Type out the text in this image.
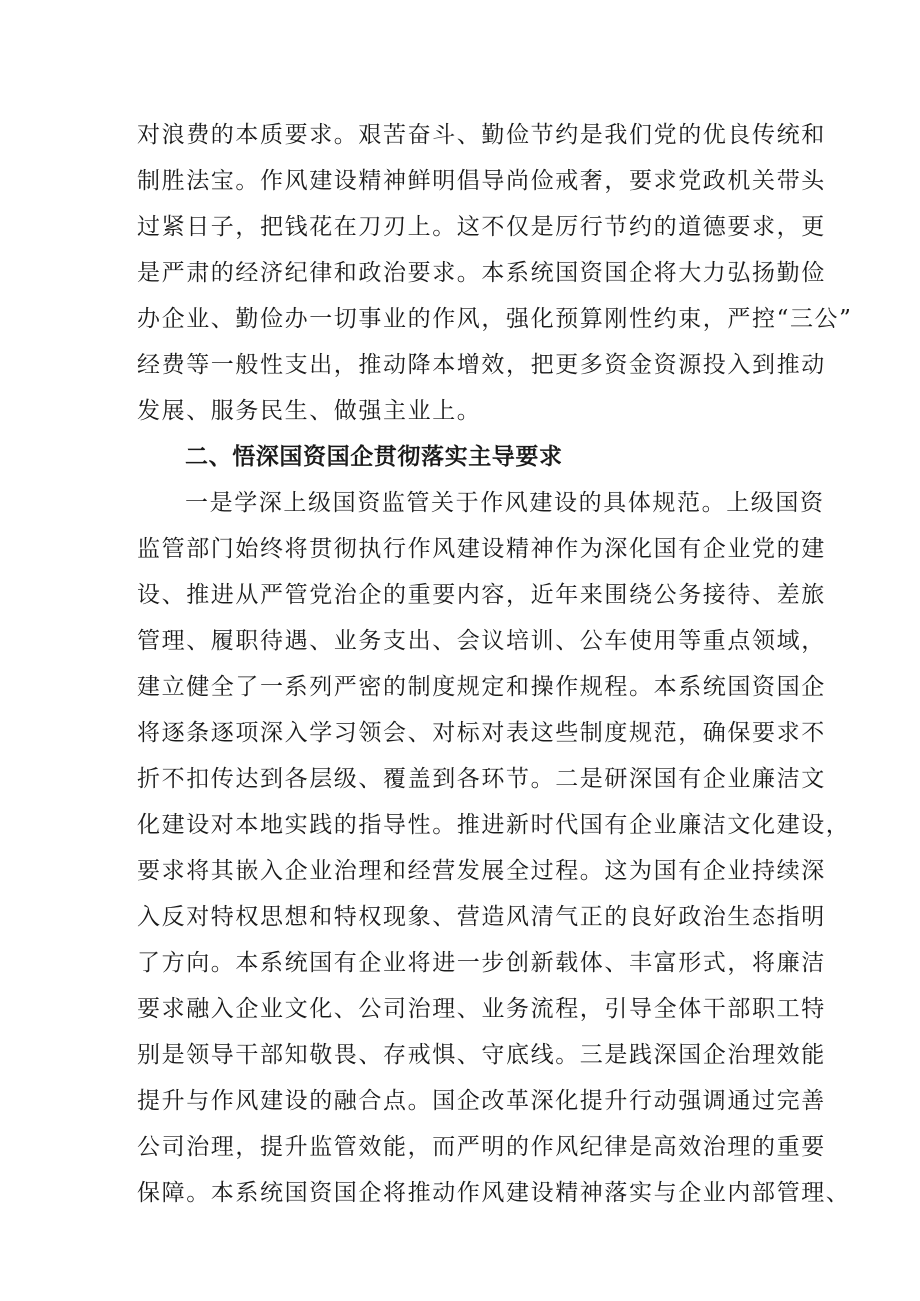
对浪费的本质要求。艰苦奋斗、勤俭节约是我们党的优良传统和
制胜法宝。作风建设精神鲜明倡导尚俭戒奢，要求党政机关带头
过紧日子，把钱花在刀刃上。这不仅是厉行节约的道德要求，更
是严肃的经济纪律和政治要求。本系统国资国企将大力弘扬勤俭
办企业、勤俭办一切事业的作风，强化预算刚性约束，严控“三公”
经费等一般性支出，推动降本增效，把更多资金资源投入到推动
发展、服务民生、做强主业上。
二、悟深国资国企贯彻落实主导要求
一是学深上级国资监管关于作风建设的具体规范。上级国资
监管部门始终将贯彻执行作风建设精神作为深化国有企业党的建
设、推进从严管党治企的重要内容，近年来围绕公务接待、差旅
管理、履职待遇、业务支出、会议培训、公车使用等重点领域，
建立健全了一系列严密的制度规定和操作规程。本系统国资国企
将逐条逐项深入学习领会、对标对表这些制度规范，确保要求不
折不扣传达到各层级、覆盖到各环节。二是研深国有企业廉洁文
化建设对本地实践的指导性。推进新时代国有企业廉洁文化建设，
要求将其嵌入企业治理和经营发展全过程。这为国有企业持续深
入反对特权思想和特权现象、营造风清气正的良好政治生态指明
了方向。本系统国有企业将进一步创新载体、丰富形式，将廉洁
要求融入企业文化、公司治理、业务流程，引导全体干部职工特
别是领导干部知敬畏、存戒惧、守底线。三是践深国企治理效能
提升与作风建设的融合点。国企改革深化提升行动强调通过完善
公司治理，提升监管效能，而严明的作风纪律是高效治理的重要
保障。本系统国资国企将推动作风建设精神落实与企业内部管理、
